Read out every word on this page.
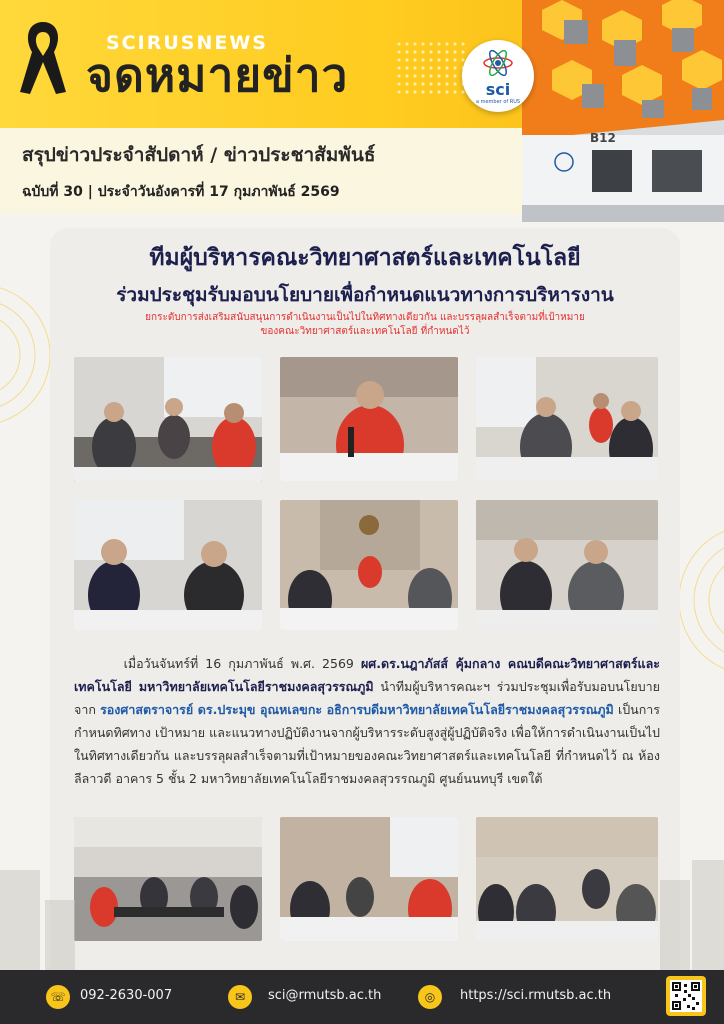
SCIRUSNEWS
จดหมายข่าว
สรุปข่าวประจำสัปดาห์ / ข่าวประชาสัมพันธ์
ฉบับที่ 30 | ประจำวันอังคารที่ 17 กุมภาพันธ์ 2569
B12
sci
a member of RUS
ทีมผู้บริหารคณะวิทยาศาสตร์และเทคโนโลยี
ร่วมประชุมรับมอบนโยบายเพื่อกำหนดแนวทางการบริหารงาน
ยกระดับการส่งเสริมสนับสนุนการดำเนินงานเป็นไปในทิศทางเดียวกัน และบรรลุผลสำเร็จตามที่เป้าหมาย
ของคณะวิทยาศาสตร์และเทคโนโลยี ที่กำหนดไว้
เมื่อวันจันทร์ที่ 16 กุมภาพันธ์ พ.ศ. 2569 ผศ.ดร.นฎาภัสส์ คุ้มกลาง คณบดีคณะวิทยาศาสตร์และเทคโนโลยี มหาวิทยาลัยเทคโนโลยีราชมงคลสุวรรณภูมิ นำทีมผู้บริหารคณะฯ ร่วมประชุมเพื่อรับมอบนโยบาย จาก รองศาสตราจารย์ ดร.ประมุข อุณหเลขกะ อธิการบดีมหาวิทยาลัยเทคโนโลยีราชมงคลสุวรรณภูมิ เป็นการกำหนดทิศทาง เป้าหมาย และแนวทางปฏิบัติงานจากผู้บริหารระดับสูงสู่ผู้ปฏิบัติจริง เพื่อให้การดำเนินงานเป็นไปในทิศทางเดียวกัน และบรรลุผลสำเร็จตามที่เป้าหมายของคณะวิทยาศาสตร์และเทคโนโลยี ที่กำหนดไว้ ณ ห้องลีลาวดี อาคาร 5 ชั้น 2 มหาวิทยาลัยเทคโนโลยีราชมงคลสุวรรณภูมิ ศูนย์นนทบุรี เขตใต้
☏	092-2630-007	✉	sci@rmutsb.ac.th	◎	https://sci.rmutsb.ac.th
